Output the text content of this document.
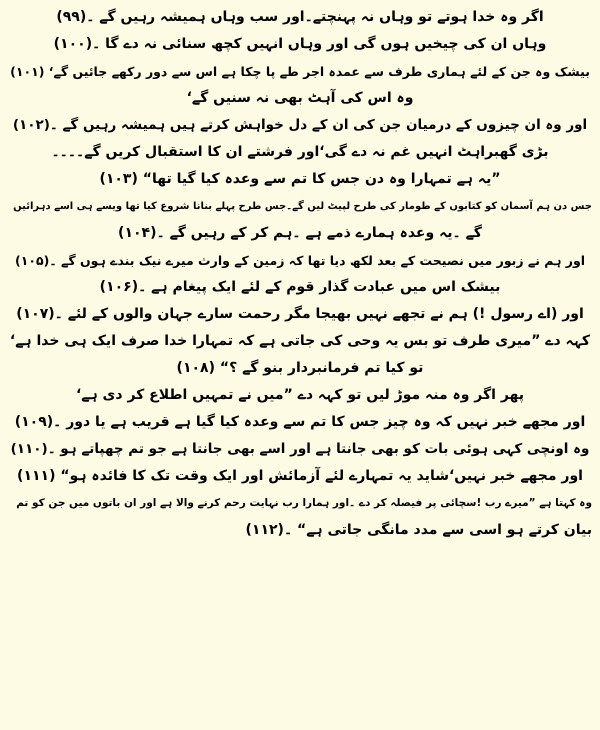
اگر وہ خدا ہوتے تو وہاں نہ پہنچتے۔اور سب وہاں ہمیشہ رہیں گے ۔(۹۹)
وہاں ان کی چیخیں ہوں گی اور وہاں انہیں کچھ سنائی نہ دے گا ۔(۱۰۰)
بیشک وہ جن کے لئے ہماری طرف سے عمدہ اجر طے پا چکا ہے اس سے دور رکھے جائیں گے‘ (۱۰۱)
وہ اس کی آہٹ بھی نہ سنیں گے‘
اور وہ ان چیزوں کے درمیان جن کی ان کے دل خواہش کرتے ہیں ہمیشہ رہیں گے ۔(۱۰۲)
بڑی گھبراہٹ انہیں غم نہ دے گی‘اور فرشتے ان کا استقبال کریں گے۔۔۔۔
”یہ ہے تمہارا وہ دن جس کا تم سے وعدہ کیا گیا تھا“ (۱۰۳)
جس دن ہم آسمان کو کتابوں کے طومار کی طرح لپیٹ لیں گے۔جس طرح پہلے بنانا شروع کیا تھا ویسے ہی اسے دہرائیں
گے ۔یہ وعدہ ہمارے ذمے ہے ۔ہم کر کے رہیں گے ۔(۱۰۴)
اور ہم نے زبور میں نصیحت کے بعد لکھ دیا تھا کہ زمین کے وارث میرے نیک بندے ہوں گے ۔(۱۰۵)
بیشک اس میں عبادت گذار قوم کے لئے ایک پیغام ہے ۔(۱۰۶)
اور (اے رسول !) ہم نے تجھے نہیں بھیجا مگر رحمت سارے جہان والوں کے لئے ۔(۱۰۷)
کہہ دے ”میری طرف تو بس یہ وحی کی جاتی ہے کہ تمہارا خدا صرف ایک ہی خدا ہے‘
تو کیا تم فرمانبردار بنو گے ؟“ (۱۰۸)
پھر اگر وہ منہ موڑ لیں تو کہہ دے ”میں نے تمہیں اطلاع کر دی ہے‘
اور مجھے خبر نہیں کہ وہ چیز جس کا تم سے وعدہ کیا گیا ہے قریب ہے یا دور ۔(۱۰۹)
وہ اونچی کہی ہوئی بات کو بھی جانتا ہے اور اسے بھی جانتا ہے جو تم چھپاتے ہو ۔(۱۱۰)
اور مجھے خبر نہیں‘شاید یہ تمہارے لئے آزمائش اور ایک وقت تک کا فائدہ ہو“ (۱۱۱)
وہ کہتا ہے ”میرے رب !سچائی پر فیصلہ کر دے ۔اور ہمارا رب نہایت رحم کرنے والا ہے اور ان باتوں میں جن کو تم
بیان کرتے ہو اسی سے مدد مانگی جاتی ہے“ ۔(۱۱۲)
